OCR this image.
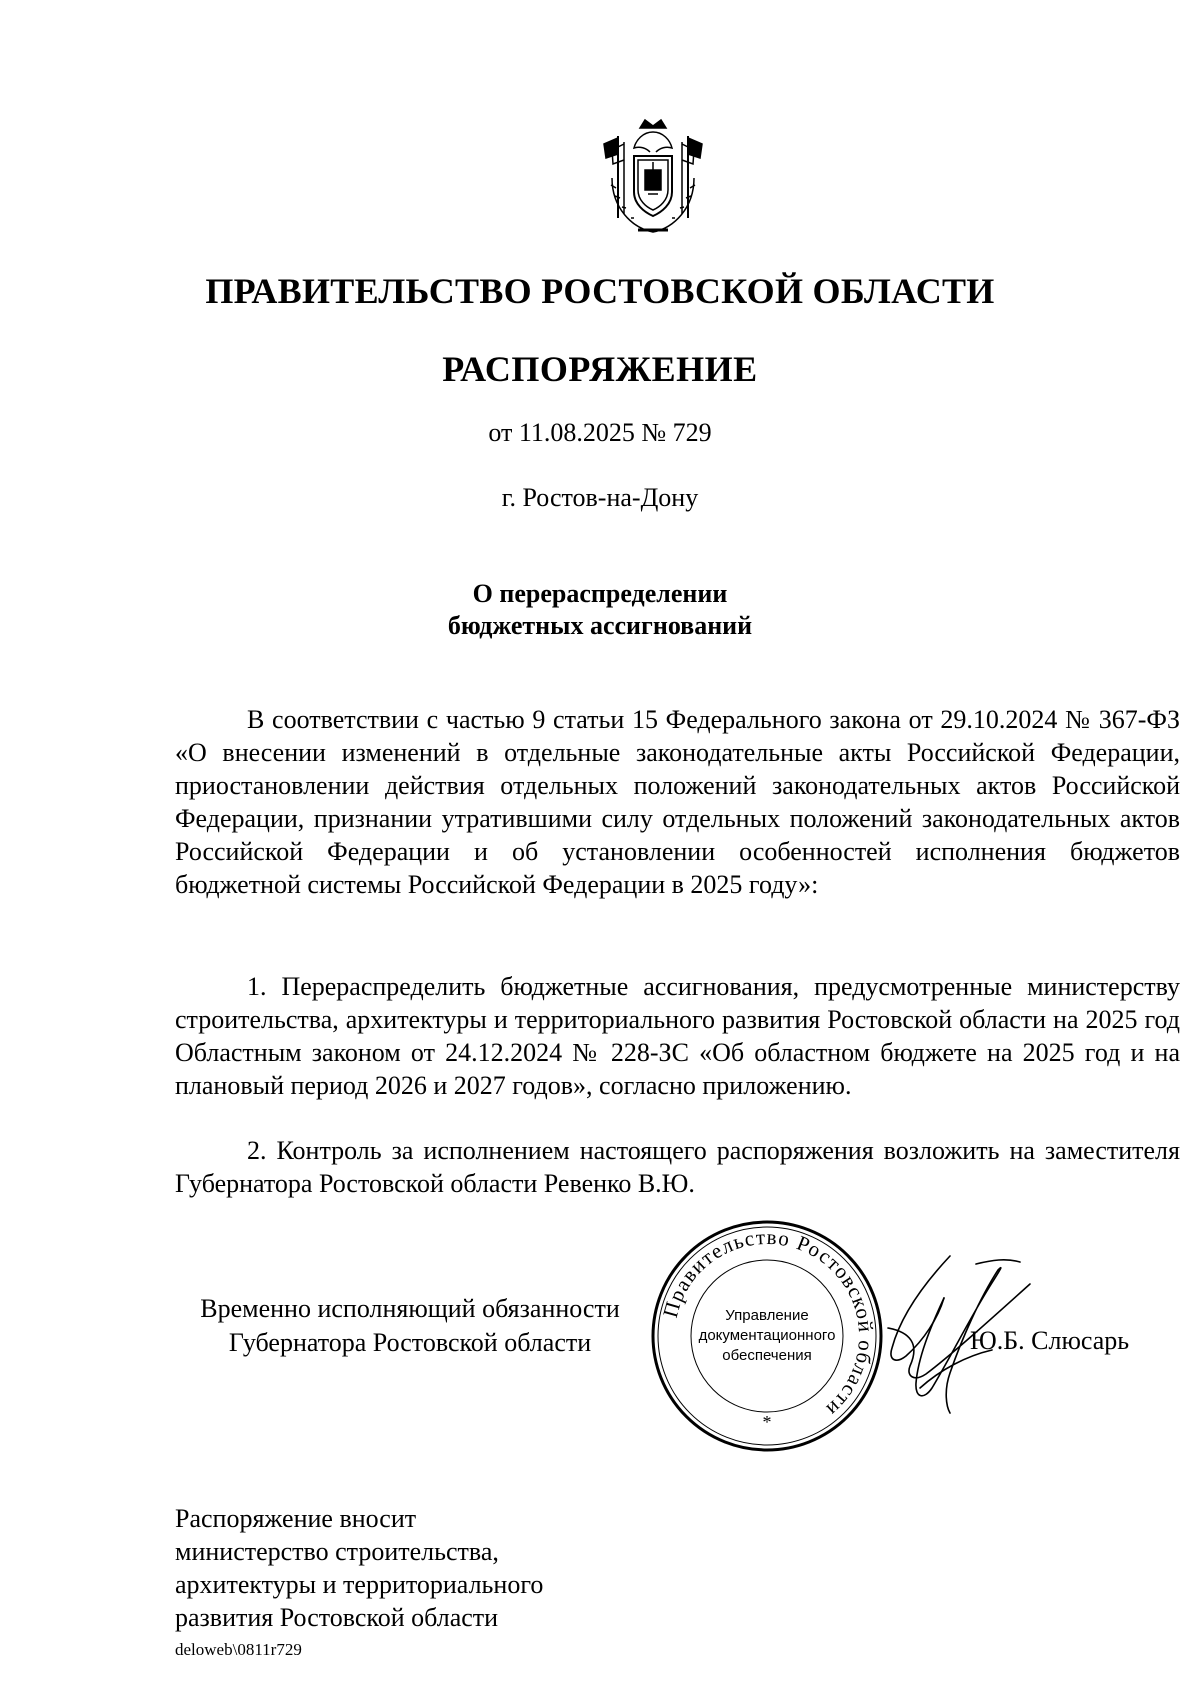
ПРАВИТЕЛЬСТВО РОСТОВСКОЙ ОБЛАСТИ
РАСПОРЯЖЕНИЕ
от 11.08.2025 № 729
г. Ростов-на-Дону
О перераспределении
бюджетных ассигнований
В соответствии с частью 9 статьи 15 Федерального закона от 29.10.2024 № 367-ФЗ «О внесении изменений в отдельные законодательные акты Российской Федерации, приостановлении действия отдельных положений законодательных актов Российской Федерации, признании утратившими силу отдельных положений законодательных актов Российской Федерации и об установлении особенностей исполнения бюджетов бюджетной системы Российской Федерации в 2025 году»:
1. Перераспределить бюджетные ассигнования, предусмотренные министерству строительства, архитектуры и территориального развития Ростовской области на 2025 год Областным законом от 24.12.2024 № 228-ЗС «Об областном бюджете на 2025 год и на плановый период 2026 и 2027 годов», согласно приложению.
2. Контроль за исполнением настоящего распоряжения возложить на заместителя Губернатора Ростовской области Ревенко В.Ю.
Временно исполняющий обязанности
Губернатора Ростовской области
Правительство Ростовской области
Управление
документационного
обеспечения
*
Ю.Б. Слюсарь
Распоряжение вносит
министерство строительства,
архитектуры и территориального
развития Ростовской области
deloweb\0811r729
